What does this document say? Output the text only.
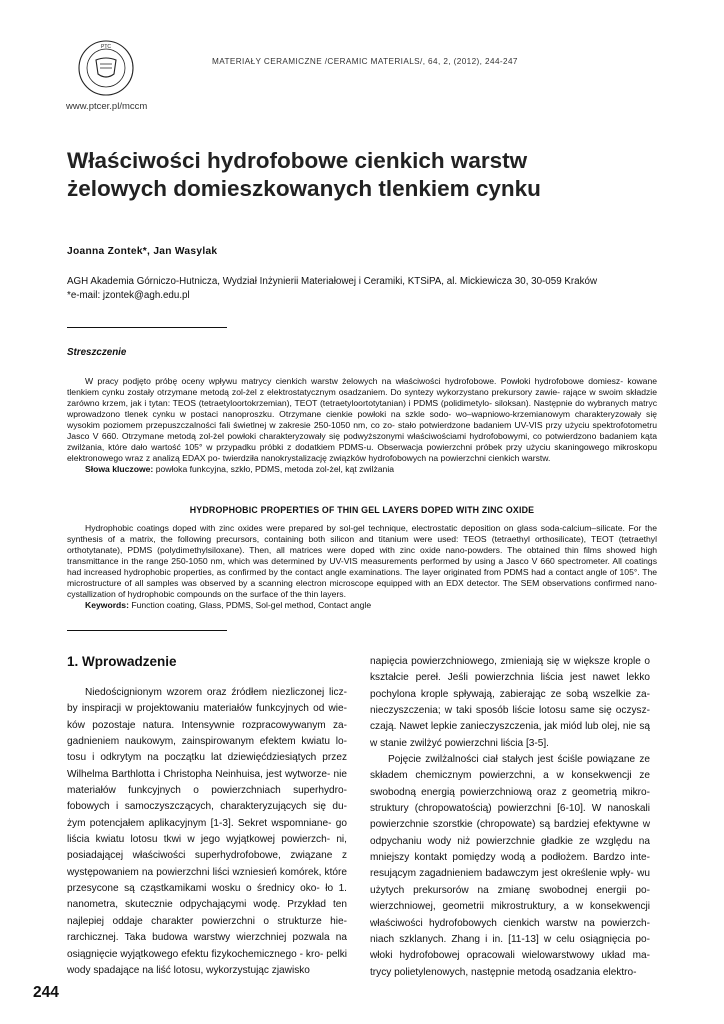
PTC
www.ptcer.pl/mccm
MATERIAŁY CERAMICZNE /CERAMIC MATERIALS/, 64, 2, (2012), 244-247
Właściwości hydrofobowe cienkich warstw
żelowych domieszkowanych tlenkiem cynku
Joanna Zontek*, Jan Wasylak
AGH Akademia Górniczo-Hutnicza, Wydział Inżynierii Materiałowej i Ceramiki, KTSiPA, al. Mickiewicza 30, 30-059 Kraków
*e-mail: jzontek@agh.edu.pl
Streszczenie

W pracy podjęto próbę oceny wpływu matrycy cienkich warstw żelowych na właściwości hydrofobowe. Powłoki hydrofobowe domiesz- kowane tlenkiem cynku zostały otrzymane metodą zol-żel z elektrostatycznym osadzaniem. Do syntezy wykorzystano prekursory zawie- rające w swoim składzie zarówno krzem, jak i tytan: TEOS (tetraetyloortokrzemian), TEOT (tetraetyloortotytanian) i PDMS (polidimetylo- siloksan). Następnie do wybranych matryc wprowadzono tlenek cynku w postaci nanoproszku. Otrzymane cienkie powłoki na szkle sodo- wo–wapniowo-krzemianowym charakteryzowały się wysokim poziomem przepuszczalności fali świetlnej w zakresie 250-1050 nm, co zo- stało potwierdzone badaniem UV-VIS przy użyciu spektrofotometru Jasco V 660. Otrzymane metodą zol-żel powłoki charakteryzowały się podwyższonymi właściwościami hydrofobowymi, co potwierdzono badaniem kąta zwilżania, które dało wartość 105° w przypadku próbki z dodatkiem PDMS-u. Obserwacja powierzchni próbek przy użyciu skaningowego mikroskopu elektronowego wraz z analizą EDAX po- twierdziła nanokrystalizację związków hydrofobowych na powierzchni cienkich warstw.

Słowa kluczowe: powłoka funkcyjna, szkło, PDMS, metoda zol-żel, kąt zwilżania

HYDROPHOBIC PROPERTIES OF THIN GEL LAYERS DOPED WITH ZINC OXIDE

Hydrophobic coatings doped with zinc oxides were prepared by sol-gel technique, electrostatic deposition on glass soda-calcium–silicate. For the synthesis of a matrix, the following precursors, containing both silicon and titanium were used: TEOS (tetraethyl orthosilicate), TEOT (tetraethyl orthotytanate), PDMS (polydimethylsiloxane). Then, all matrices were doped with zinc oxide nano-powders. The obtained thin films showed high transmittance in the range 250-1050 nm, which was determined by UV-VIS measurements performed by using a Jasco V 660 spectrometer. All coatings had increased hydrophobic properties, as confirmed by the contact angle examinations. The layer originated from PDMS had a contact angle of 105°. The microstructure of all samples was observed by a scanning electron microscope equipped with an EDX detector. The SEM observations confirmed nano-cystallization of hydrophobic compounds on the surface of the thin layers.

Keywords: Function coating, Glass, PDMS, Sol-gel method, Contact angle

1. Wprowadzenie

Niedoścignionym wzorem oraz źródłem niezliczonej licz- by inspiracji w projektowaniu materiałów funkcyjnych od wie- ków pozostaje natura. Intensywnie rozpracowywanym za- gadnieniem naukowym, zainspirowanym efektem kwiatu lo- tosu i odkrytym na początku lat dziewięćdziesiątych przez Wilhelma Barthlotta i Christopha Neinhuisa, jest wytworze- nie materiałów funkcyjnych o powierzchniach superhydro- fobowych i samoczyszczących, charakteryzujących się du- żym potencjałem aplikacyjnym [1-3]. Sekret wspomniane- go liścia kwiatu lotosu tkwi w jego wyjątkowej powierzch- ni, posiadającej właściwości superhydrofobowe, związane z występowaniem na powierzchni liści wzniesień komórek, które przesycone są cząstkamikami wosku o średnicy oko- ło 1. nanometra, skutecznie odpychającymi wodę. Przykład ten najlepiej oddaje charakter powierzchni o strukturze hie- rarchicznej. Taka budowa warstwy wierzchniej pozwala na osiągnięcie wyjątkowego efektu fizykochemicznego - kro- pelki wody spadające na liść lotosu, wykorzystując zjawisko

napięcia powierzchniowego, zmieniają się w większe krople o kształcie pereł. Jeśli powierzchnia liścia jest nawet lekko pochylona krople spływają, zabierając ze sobą wszelkie za- nieczyszczenia; w taki sposób liście lotosu same się oczysz- czają. Nawet lepkie zanieczyszczenia, jak miód lub olej, nie są w stanie zwilżyć powierzchni liścia [3-5].

Pojęcie zwilżalności ciał stałych jest ściśle powiązane ze składem chemicznym powierzchni, a w konsekwencji ze swobodną energią powierzchniową oraz z geometrią mikro- struktury (chropowatością) powierzchni [6-10]. W nanoskali powierzchnie szorstkie (chropowate) są bardziej efektywne w odpychaniu wody niż powierzchnie gładkie ze względu na mniejszy kontakt pomiędzy wodą a podłożem. Bardzo inte- resującym zagadnieniem badawczym jest określenie wpły- wu użytych prekursorów na zmianę swobodnej energii po- wierzchniowej, geometrii mikrostruktury, a w konsekwencji właściwości hydrofobowych cienkich warstw na powierzch- niach szklanych. Zhang i in. [11-13] w celu osiągnięcia po- włoki hydrofobowej opracowali wielowarstwowy układ ma- trycy polietylenowych, następnie metodą osadzania elektro-

244
